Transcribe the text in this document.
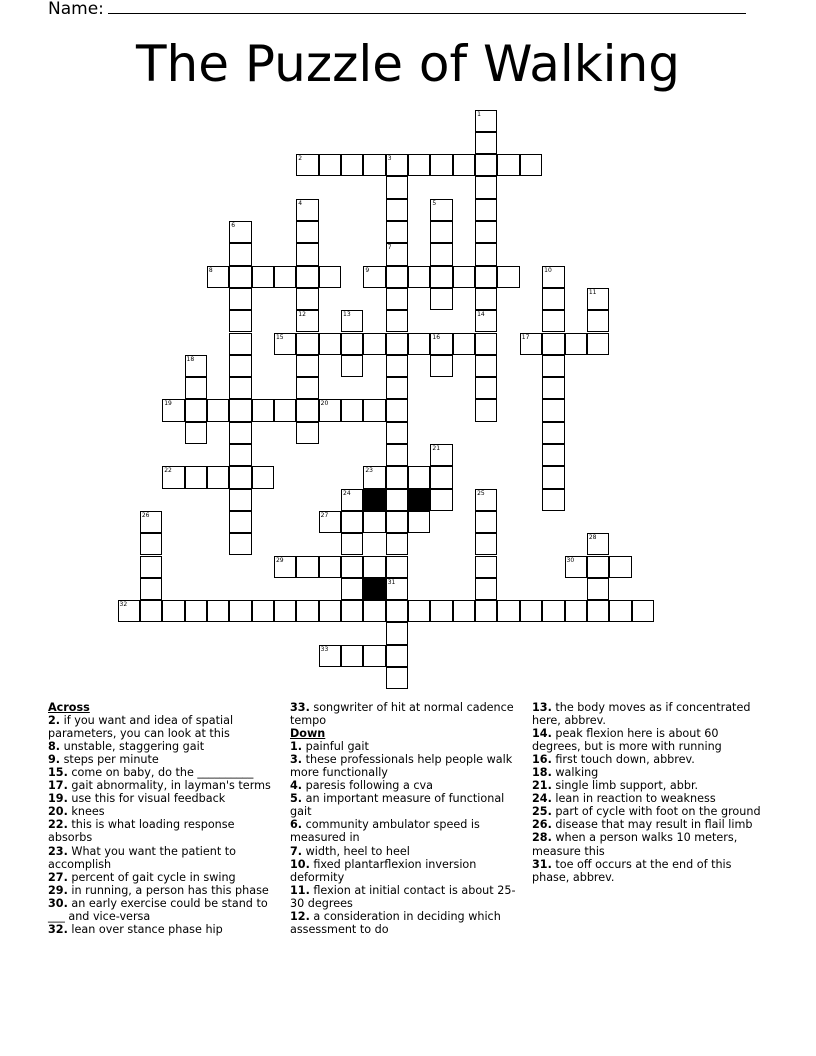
Name:
The Puzzle of Walking
2	3
8	9
15	16	17
19	20
22	23
24
27
29	30
32
33
1
14
4
12
5
6
7
31
10
11
13
18
21
25
26
28
Across
2. if you want and idea of spatial parameters, you can look at this
8. unstable, staggering gait
9. steps per minute
15. come on baby, do the __________
17. gait abnormality, in layman's terms
19. use this for visual feedback
20. knees
22. this is what loading response absorbs
23. What you want the patient to accomplish
27. percent of gait cycle in swing
29. in running, a person has this phase
30. an early exercise could be stand to ___ and vice-versa
32. lean over stance phase hip
33. songwriter of hit at normal cadence tempo
Down
1. painful gait
3. these professionals help people walk more functionally
4. paresis following a cva
5. an important measure of functional gait
6. community ambulator speed is measured in
7. width, heel to heel
10. fixed plantarflexion inversion deformity
11. flexion at initial contact is about 25-30 degrees
12. a consideration in deciding which assessment to do
13. the body moves as if concentrated here, abbrev.
14. peak flexion here is about 60 degrees, but is more with running
16. first touch down, abbrev.
18. walking
21. single limb support, abbr.
24. lean in reaction to weakness
25. part of cycle with foot on the ground
26. disease that may result in flail limb
28. when a person walks 10 meters, measure this
31. toe off occurs at the end of this phase, abbrev.
